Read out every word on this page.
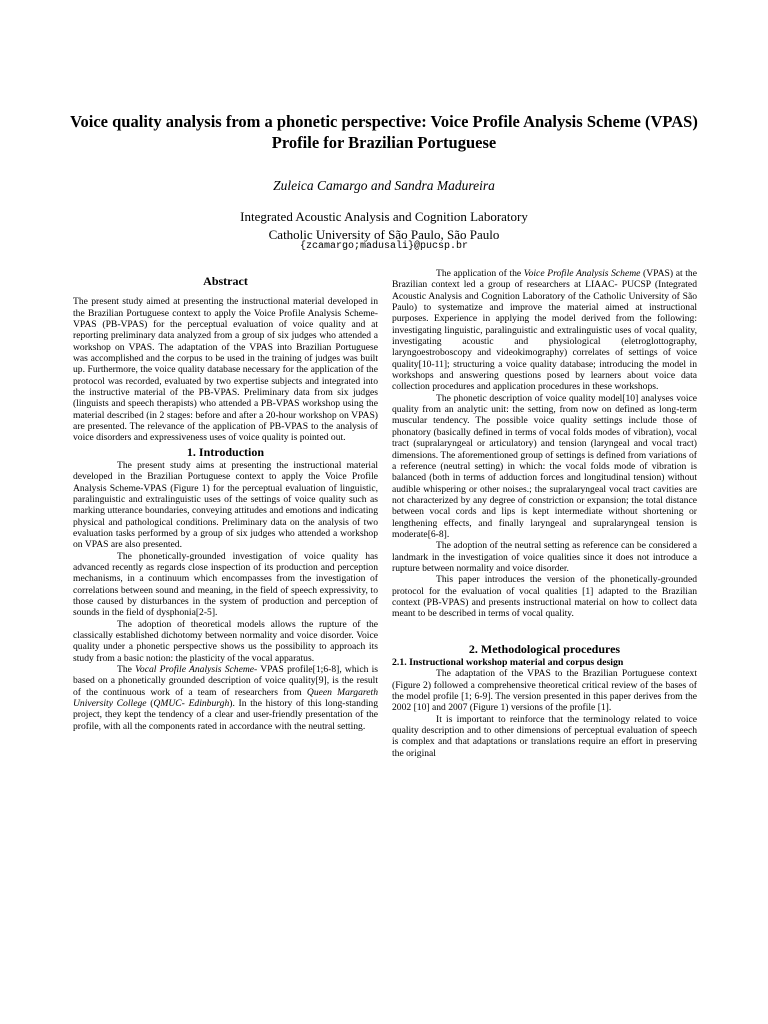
Voice quality analysis from a phonetic perspective: Voice Profile Analysis Scheme (VPAS) Profile for Brazilian Portuguese
Zuleica Camargo and Sandra Madureira
Integrated Acoustic Analysis and Cognition Laboratory
Catholic University of São Paulo, São Paulo
{zcamargo;madusali}@pucsp.br
Abstract

The present study aimed at presenting the instructional material developed in the Brazilian Portuguese context to apply the Voice Profile Analysis Scheme-VPAS (PB-VPAS) for the perceptual evaluation of voice quality and at reporting preliminary data analyzed from a group of six judges who attended a workshop on VPAS. The adaptation of the VPAS into Brazilian Portuguese was accomplished and the corpus to be used in the training of judges was built up. Furthermore, the voice quality database necessary for the application of the protocol was recorded, evaluated by two expertise subjects and integrated into the instructive material of the PB-VPAS. Preliminary data from six judges (linguists and speech therapists) who attended a PB-VPAS workshop using the material described (in 2 stages: before and after a 20-hour workshop on VPAS) are presented. The relevance of the application of PB-VPAS to the analysis of voice disorders and expressiveness uses of voice quality is pointed out.

1. Introduction

The present study aims at presenting the instructional material developed in the Brazilian Portuguese context to apply the Voice Profile Analysis Scheme-VPAS (Figure 1) for the perceptual evaluation of linguistic, paralinguistic and extralinguistic uses of the settings of voice quality such as marking utterance boundaries, conveying attitudes and emotions and indicating physical and pathological conditions. Preliminary data on the analysis of two evaluation tasks performed by a group of six judges who attended a workshop on VPAS are also presented.

The phonetically-grounded investigation of voice quality has advanced recently as regards close inspection of its production and perception mechanisms, in a continuum which encompasses from the investigation of correlations between sound and meaning, in the field of speech expressivity, to those caused by disturbances in the system of production and perception of sounds in the field of dysphonia[2-5].

The adoption of theoretical models allows the rupture of the classically established dichotomy between normality and voice disorder. Voice quality under a phonetic perspective shows us the possibility to approach its study from a basic notion: the plasticity of the vocal apparatus.

The Vocal Profile Analysis Scheme- VPAS profile[1;6-8], which is based on a phonetically grounded description of voice quality[9], is the result of the continuous work of a team of researchers from Queen Margareth University College (QMUC- Edinburgh). In the history of this long-standing project, they kept the tendency of a clear and user-friendly presentation of the profile, with all the components rated in accordance with the neutral setting.

The application of the Voice Profile Analysis Scheme (VPAS) at the Brazilian context led a group of researchers at LIAAC- PUCSP (Integrated Acoustic Analysis and Cognition Laboratory of the Catholic University of São Paulo) to systematize and improve the material aimed at instructional purposes. Experience in applying the model derived from the following: investigating linguistic, paralinguistic and extralinguistic uses of vocal quality, investigating acoustic and physiological (eletroglottography, laryngoestroboscopy and videokimography) correlates of settings of voice quality[10-11]; structuring a voice quality database; introducing the model in workshops and answering questions posed by learners about voice data collection procedures and application procedures in these workshops.

The phonetic description of voice quality model[10] analyses voice quality from an analytic unit: the setting, from now on defined as long-term muscular tendency. The possible voice quality settings include those of phonatory (basically defined in terms of vocal folds modes of vibration), vocal tract (supralaryngeal or articulatory) and tension (laryngeal and vocal tract) dimensions. The aforementioned group of settings is defined from variations of a reference (neutral setting) in which: the vocal folds mode of vibration is balanced (both in terms of adduction forces and longitudinal tension) without audible whispering or other noises.; the supralaryngeal vocal tract cavities are not characterized by any degree of constriction or expansion; the total distance between vocal cords and lips is kept intermediate without shortening or lengthening effects, and finally laryngeal and supralaryngeal tension is moderate[6-8].

The adoption of the neutral setting as reference can be considered a landmark in the investigation of voice qualities since it does not introduce a rupture between normality and voice disorder.

This paper introduces the version of the phonetically-grounded protocol for the evaluation of vocal qualities [1] adapted to the Brazilian context (PB-VPAS) and presents instructional material on how to collect data meant to be described in terms of vocal quality.

2. Methodological procedures
2.1. Instructional workshop material and corpus design

The adaptation of the VPAS to the Brazilian Portuguese context (Figure 2) followed a comprehensive theoretical critical review of the bases of the model profile [1; 6-9]. The version presented in this paper derives from the 2002 [10] and 2007 (Figure 1) versions of the profile [1].

It is important to reinforce that the terminology related to voice quality description and to other dimensions of perceptual evaluation of speech is complex and that adaptations or translations require an effort in preserving the original
